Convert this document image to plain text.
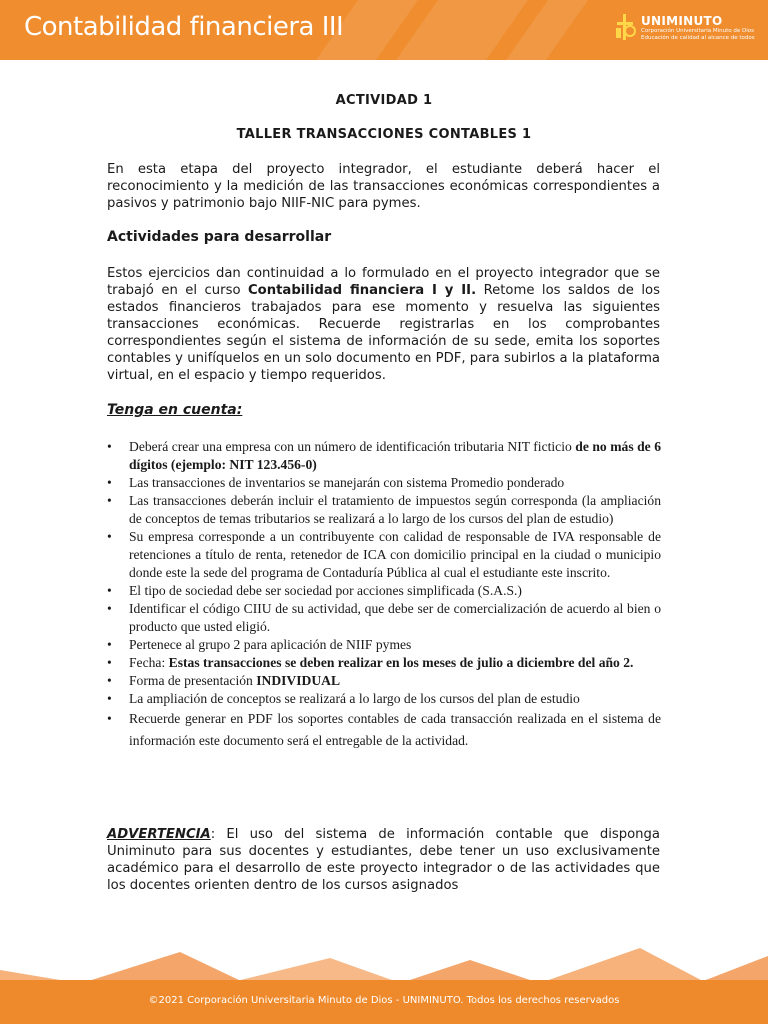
Contabilidad financiera III	UNIMINUTO
Corporación Universitaria Minuto de Dios
Educación de calidad al alcance de todos
ACTIVIDAD 1
TALLER TRANSACCIONES CONTABLES 1
En esta etapa del proyecto integrador, el estudiante deberá hacer el reconocimiento y la medición de las transacciones económicas correspondientes a pasivos y patrimonio bajo NIIF-NIC para pymes.
Actividades para desarrollar
Estos ejercicios dan continuidad a lo formulado en el proyecto integrador que se trabajó en el curso Contabilidad financiera I y II. Retome los saldos de los estados financieros trabajados para ese momento y resuelva las siguientes transacciones económicas. Recuerde registrarlas en los comprobantes correspondientes según el sistema de información de su sede, emita los soportes contables y unifíquelos en un solo documento en PDF, para subirlos a la plataforma virtual, en el espacio y tiempo requeridos.
Tenga en cuenta:
• Deberá crear una empresa con un número de identificación tributaria NIT ficticio de no más de 6 dígitos (ejemplo: NIT 123.456-0)
• Las transacciones de inventarios se manejarán con sistema Promedio ponderado
• Las transacciones deberán incluir el tratamiento de impuestos según corresponda (la ampliación de conceptos de temas tributarios se realizará a lo largo de los cursos del plan de estudio)
• Su empresa corresponde a un contribuyente con calidad de responsable de IVA responsable de retenciones a título de renta, retenedor de ICA con domicilio principal en la ciudad o municipio donde este la sede del programa de Contaduría Pública al cual el estudiante este inscrito.
• El tipo de sociedad debe ser sociedad por acciones simplificada (S.A.S.)
• Identificar el código CIIU de su actividad, que debe ser de comercialización de acuerdo al bien o producto que usted eligió.
• Pertenece al grupo 2 para aplicación de NIIF pymes
• Fecha: Estas transacciones se deben realizar en los meses de julio a diciembre del año 2.
• Forma de presentación INDIVIDUAL
• La ampliación de conceptos se realizará a lo largo de los cursos del plan de estudio
• Recuerde generar en PDF los soportes contables de cada transacción realizada en el sistema de información este documento será el entregable de la actividad.
ADVERTENCIA: El uso del sistema de información contable que disponga Uniminuto para sus docentes y estudiantes, debe tener un uso exclusivamente académico para el desarrollo de este proyecto integrador o de las actividades que los docentes orienten dentro de los cursos asignados
©2021 Corporación Universitaria Minuto de Dios - UNIMINUTO. Todos los derechos reservados
